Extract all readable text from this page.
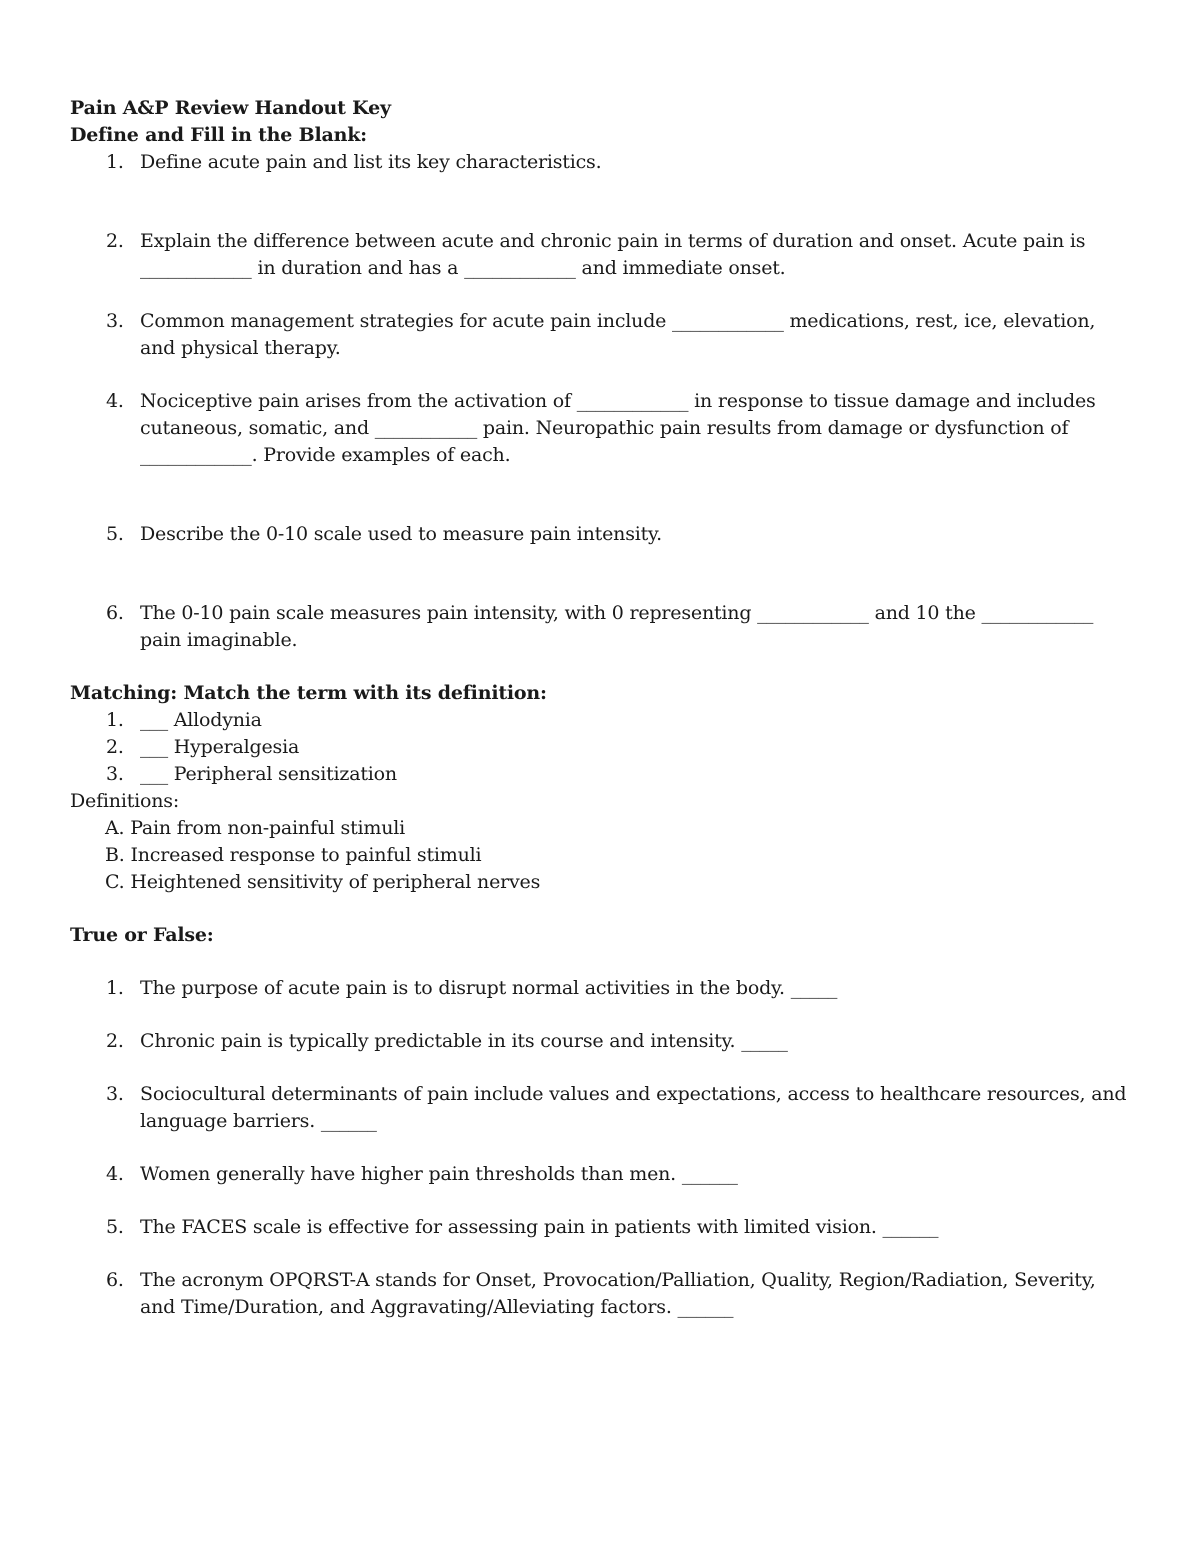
Pain A&P Review Handout Key
Define and Fill in the Blank:
1. Define acute pain and list its key characteristics.
2. Explain the difference between acute and chronic pain in terms of duration and onset. Acute pain is ____________ in duration and has a ____________ and immediate onset.
3. Common management strategies for acute pain include ____________ medications, rest, ice, elevation, and physical therapy.
4. Nociceptive pain arises from the activation of ____________ in response to tissue damage and includes cutaneous, somatic, and ___________ pain. Neuropathic pain results from damage or dysfunction of ____________. Provide examples of each.
5. Describe the 0-10 scale used to measure pain intensity.
6. The 0-10 pain scale measures pain intensity, with 0 representing ____________ and 10 the ____________ pain imaginable.
Matching: Match the term with its definition:
1. ___ Allodynia
2. ___ Hyperalgesia
3. ___ Peripheral sensitization
Definitions:
A. Pain from non-painful stimuli
B. Increased response to painful stimuli
C. Heightened sensitivity of peripheral nerves
True or False:
1. The purpose of acute pain is to disrupt normal activities in the body. _____
2. Chronic pain is typically predictable in its course and intensity. _____
3. Sociocultural determinants of pain include values and expectations, access to healthcare resources, and language barriers. ______
4. Women generally have higher pain thresholds than men. ______
5. The FACES scale is effective for assessing pain in patients with limited vision. ______
6. The acronym OPQRST-A stands for Onset, Provocation/Palliation, Quality, Region/Radiation, Severity, and Time/Duration, and Aggravating/Alleviating factors. ______
